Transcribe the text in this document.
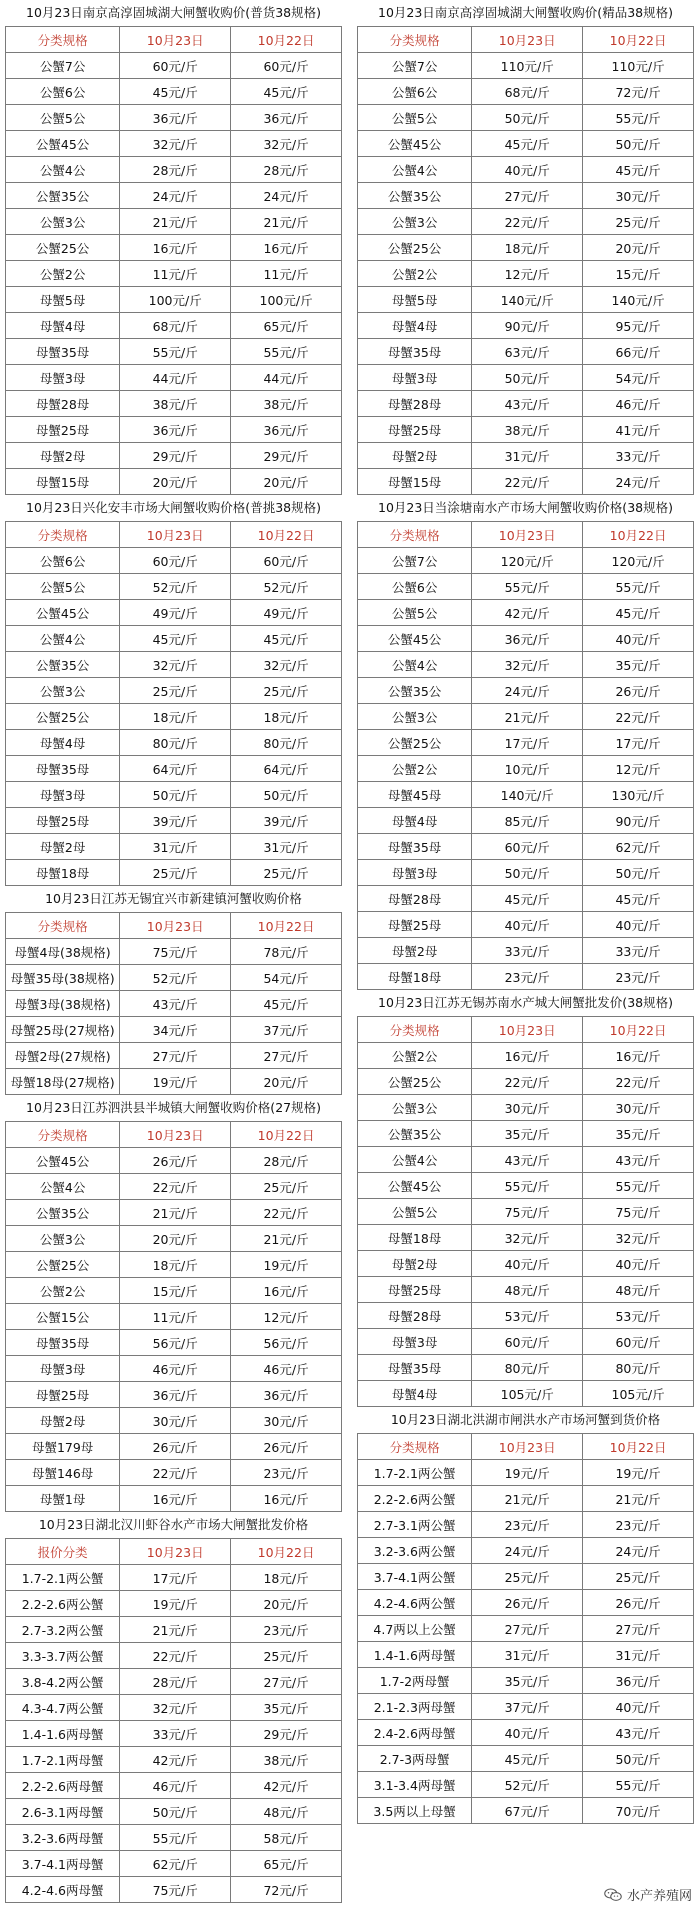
10月23日南京高淳固城湖大闸蟹收购价(普货38规格)
分类规格	10月23日	10月22日
公蟹7公	60元/斤	60元/斤
公蟹6公	45元/斤	45元/斤
公蟹5公	36元/斤	36元/斤
公蟹45公	32元/斤	32元/斤
公蟹4公	28元/斤	28元/斤
公蟹35公	24元/斤	24元/斤
公蟹3公	21元/斤	21元/斤
公蟹25公	16元/斤	16元/斤
公蟹2公	11元/斤	11元/斤
母蟹5母	100元/斤	100元/斤
母蟹4母	68元/斤	65元/斤
母蟹35母	55元/斤	55元/斤
母蟹3母	44元/斤	44元/斤
母蟹28母	38元/斤	38元/斤
母蟹25母	36元/斤	36元/斤
母蟹2母	29元/斤	29元/斤
母蟹15母	20元/斤	20元/斤
10月23日兴化安丰市场大闸蟹收购价格(普挑38规格)
分类规格	10月23日	10月22日
公蟹6公	60元/斤	60元/斤
公蟹5公	52元/斤	52元/斤
公蟹45公	49元/斤	49元/斤
公蟹4公	45元/斤	45元/斤
公蟹35公	32元/斤	32元/斤
公蟹3公	25元/斤	25元/斤
公蟹25公	18元/斤	18元/斤
母蟹4母	80元/斤	80元/斤
母蟹35母	64元/斤	64元/斤
母蟹3母	50元/斤	50元/斤
母蟹25母	39元/斤	39元/斤
母蟹2母	31元/斤	31元/斤
母蟹18母	25元/斤	25元/斤
10月23日江苏无锡宜兴市新建镇河蟹收购价格
分类规格	10月23日	10月22日
母蟹4母(38规格)	75元/斤	78元/斤
母蟹35母(38规格)	52元/斤	54元/斤
母蟹3母(38规格)	43元/斤	45元/斤
母蟹25母(27规格)	34元/斤	37元/斤
母蟹2母(27规格)	27元/斤	27元/斤
母蟹18母(27规格)	19元/斤	20元/斤
10月23日江苏泗洪县半城镇大闸蟹收购价格(27规格)
分类规格	10月23日	10月22日
公蟹45公	26元/斤	28元/斤
公蟹4公	22元/斤	25元/斤
公蟹35公	21元/斤	22元/斤
公蟹3公	20元/斤	21元/斤
公蟹25公	18元/斤	19元/斤
公蟹2公	15元/斤	16元/斤
公蟹15公	11元/斤	12元/斤
母蟹35母	56元/斤	56元/斤
母蟹3母	46元/斤	46元/斤
母蟹25母	36元/斤	36元/斤
母蟹2母	30元/斤	30元/斤
母蟹179母	26元/斤	26元/斤
母蟹146母	22元/斤	23元/斤
母蟹1母	16元/斤	16元/斤
10月23日湖北汉川虾谷水产市场大闸蟹批发价格
报价分类	10月23日	10月22日
1.7-2.1两公蟹	17元/斤	18元/斤
2.2-2.6两公蟹	19元/斤	20元/斤
2.7-3.2两公蟹	21元/斤	23元/斤
3.3-3.7两公蟹	22元/斤	25元/斤
3.8-4.2两公蟹	28元/斤	27元/斤
4.3-4.7两公蟹	32元/斤	35元/斤
1.4-1.6两母蟹	33元/斤	29元/斤
1.7-2.1两母蟹	42元/斤	38元/斤
2.2-2.6两母蟹	46元/斤	42元/斤
2.6-3.1两母蟹	50元/斤	48元/斤
3.2-3.6两母蟹	55元/斤	58元/斤
3.7-4.1两母蟹	62元/斤	65元/斤
4.2-4.6两母蟹	75元/斤	72元/斤
10月23日南京高淳固城湖大闸蟹收购价(精品38规格)
分类规格	10月23日	10月22日
公蟹7公	110元/斤	110元/斤
公蟹6公	68元/斤	72元/斤
公蟹5公	50元/斤	55元/斤
公蟹45公	45元/斤	50元/斤
公蟹4公	40元/斤	45元/斤
公蟹35公	27元/斤	30元/斤
公蟹3公	22元/斤	25元/斤
公蟹25公	18元/斤	20元/斤
公蟹2公	12元/斤	15元/斤
母蟹5母	140元/斤	140元/斤
母蟹4母	90元/斤	95元/斤
母蟹35母	63元/斤	66元/斤
母蟹3母	50元/斤	54元/斤
母蟹28母	43元/斤	46元/斤
母蟹25母	38元/斤	41元/斤
母蟹2母	31元/斤	33元/斤
母蟹15母	22元/斤	24元/斤
10月23日当涂塘南水产市场大闸蟹收购价格(38规格)
分类规格	10月23日	10月22日
公蟹7公	120元/斤	120元/斤
公蟹6公	55元/斤	55元/斤
公蟹5公	42元/斤	45元/斤
公蟹45公	36元/斤	40元/斤
公蟹4公	32元/斤	35元/斤
公蟹35公	24元/斤	26元/斤
公蟹3公	21元/斤	22元/斤
公蟹25公	17元/斤	17元/斤
公蟹2公	10元/斤	12元/斤
母蟹45母	140元/斤	130元/斤
母蟹4母	85元/斤	90元/斤
母蟹35母	60元/斤	62元/斤
母蟹3母	50元/斤	50元/斤
母蟹28母	45元/斤	45元/斤
母蟹25母	40元/斤	40元/斤
母蟹2母	33元/斤	33元/斤
母蟹18母	23元/斤	23元/斤
10月23日江苏无锡苏南水产城大闸蟹批发价(38规格)
分类规格	10月23日	10月22日
公蟹2公	16元/斤	16元/斤
公蟹25公	22元/斤	22元/斤
公蟹3公	30元/斤	30元/斤
公蟹35公	35元/斤	35元/斤
公蟹4公	43元/斤	43元/斤
公蟹45公	55元/斤	55元/斤
公蟹5公	75元/斤	75元/斤
母蟹18母	32元/斤	32元/斤
母蟹2母	40元/斤	40元/斤
母蟹25母	48元/斤	48元/斤
母蟹28母	53元/斤	53元/斤
母蟹3母	60元/斤	60元/斤
母蟹35母	80元/斤	80元/斤
母蟹4母	105元/斤	105元/斤
10月23日湖北洪湖市闸洪水产市场河蟹到货价格
分类规格	10月23日	10月22日
1.7-2.1两公蟹	19元/斤	19元/斤
2.2-2.6两公蟹	21元/斤	21元/斤
2.7-3.1两公蟹	23元/斤	23元/斤
3.2-3.6两公蟹	24元/斤	24元/斤
3.7-4.1两公蟹	25元/斤	25元/斤
4.2-4.6两公蟹	26元/斤	26元/斤
4.7两以上公蟹	27元/斤	27元/斤
1.4-1.6两母蟹	31元/斤	31元/斤
1.7-2两母蟹	35元/斤	36元/斤
2.1-2.3两母蟹	37元/斤	40元/斤
2.4-2.6两母蟹	40元/斤	43元/斤
2.7-3两母蟹	45元/斤	50元/斤
3.1-3.4两母蟹	52元/斤	55元/斤
3.5两以上母蟹	67元/斤	70元/斤
水产养殖网
